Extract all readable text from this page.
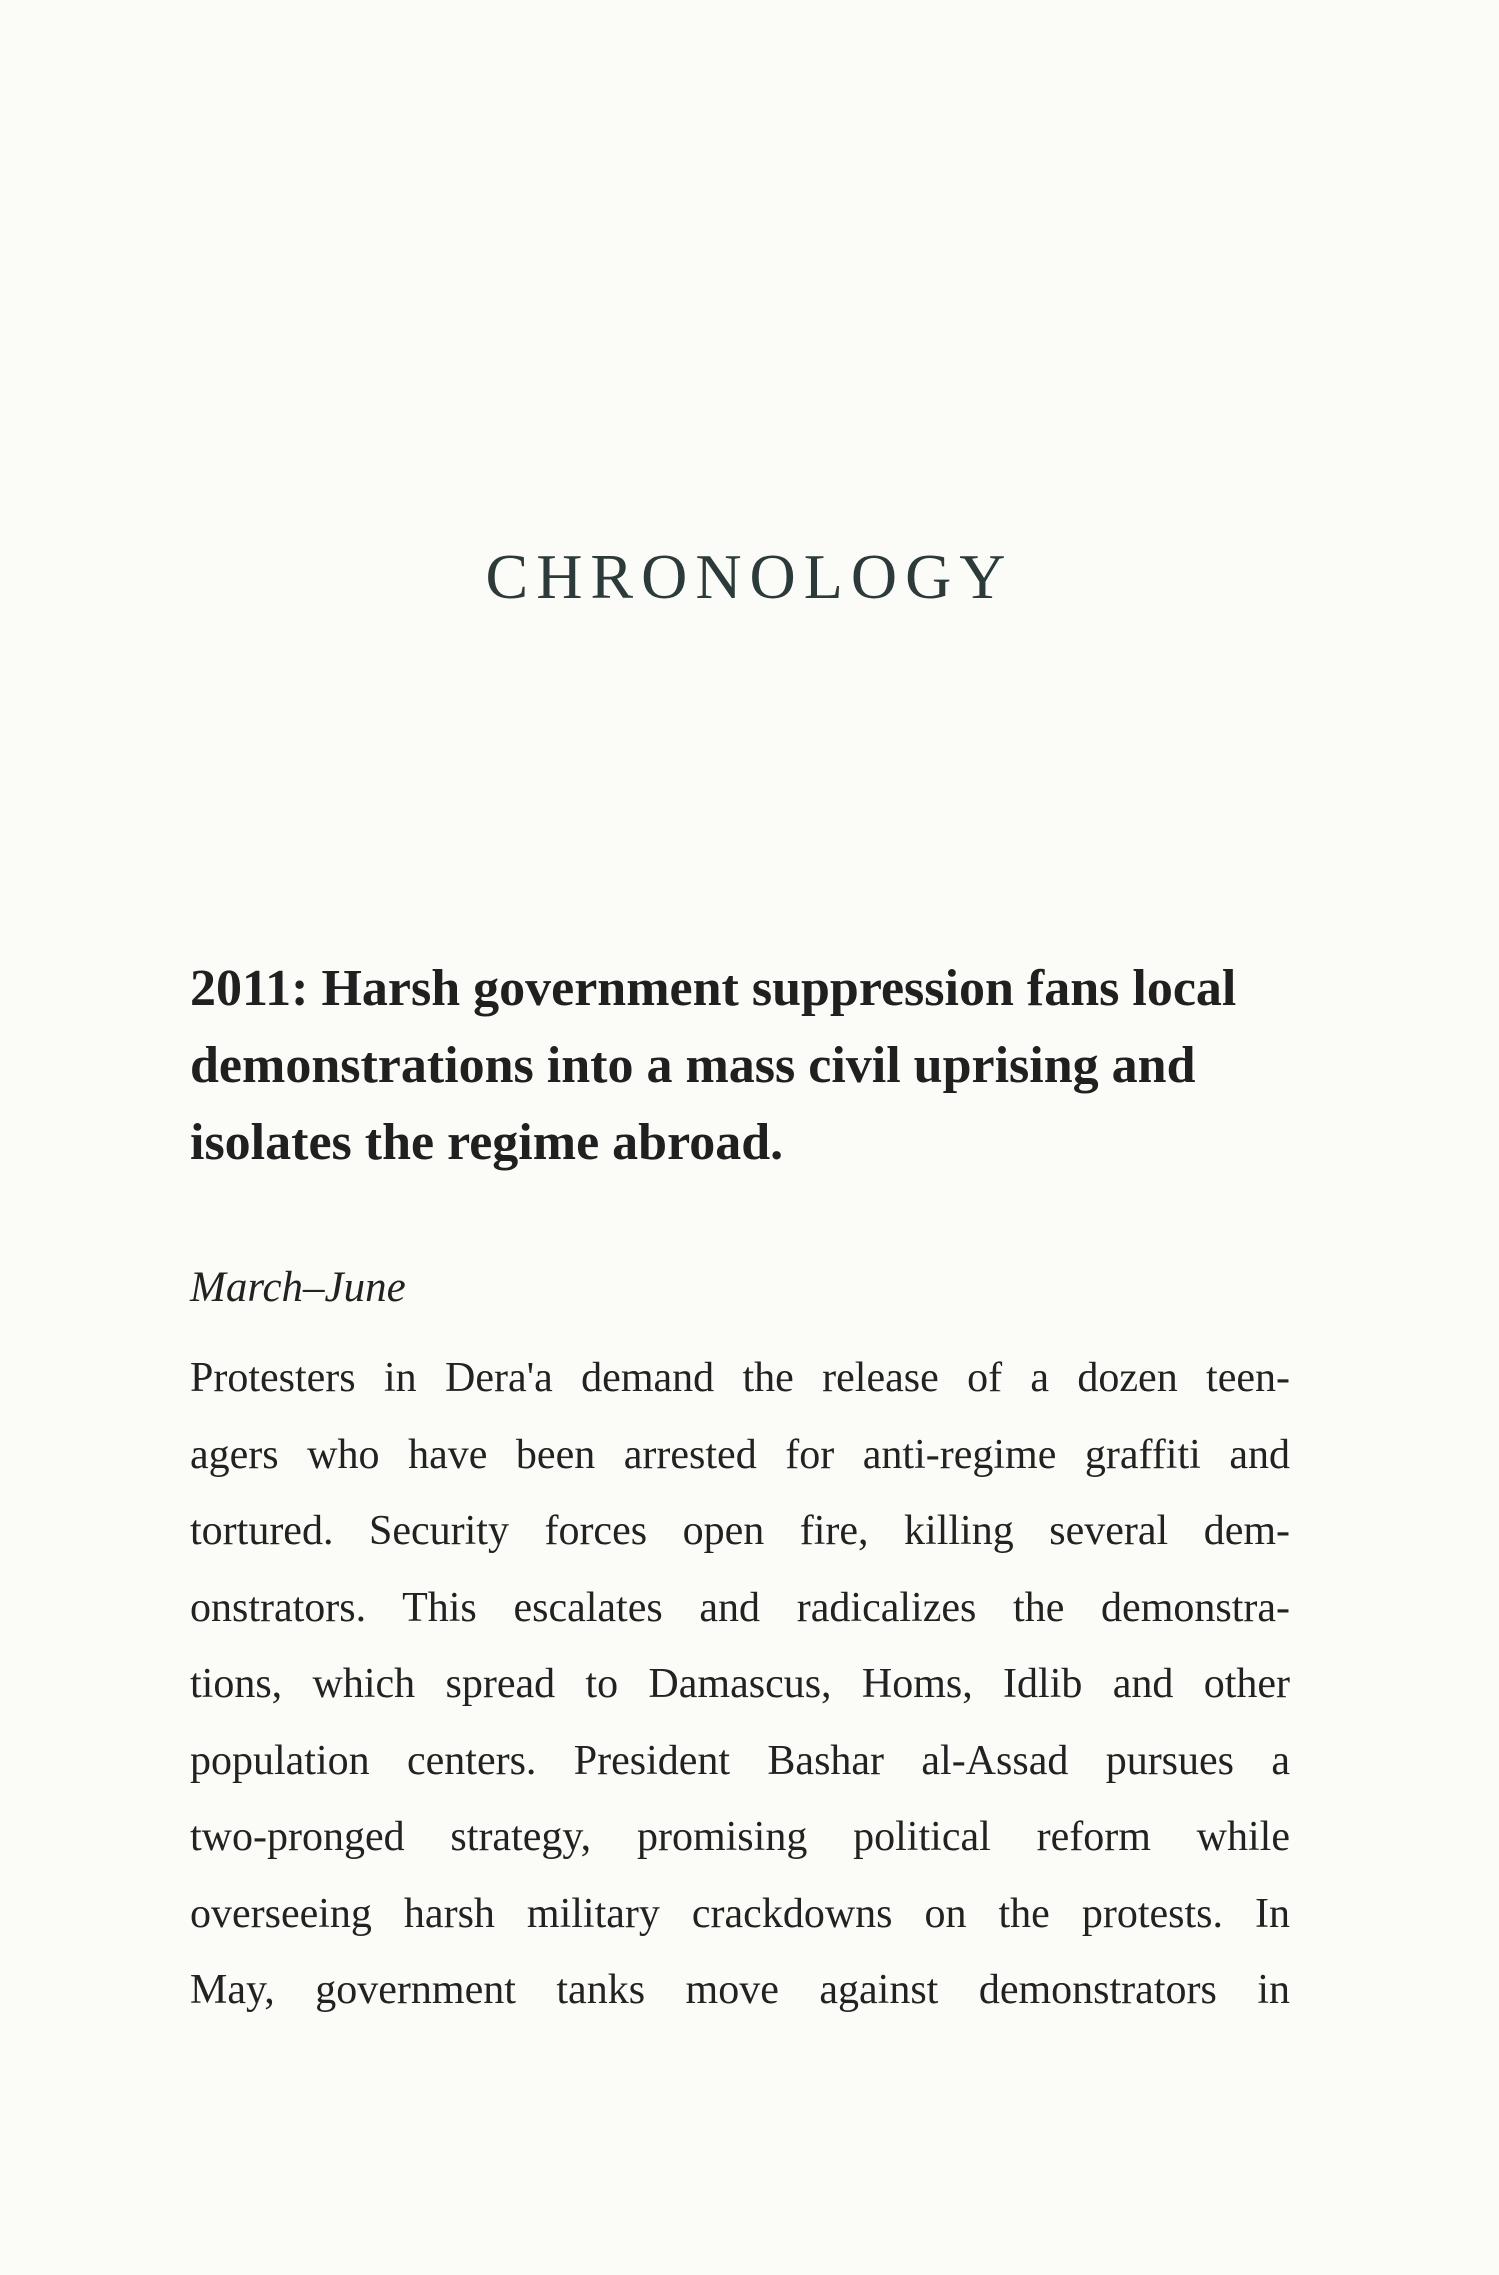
CHRONOLOGY
2011: Harsh government suppression fans local
demonstrations into a mass civil uprising and
isolates the regime abroad.

March–June

Protesters in Dera'a demand the release of a dozen teen-
agers who have been arrested for anti-regime graffiti and
tortured. Security forces open fire, killing several dem-
onstrators. This escalates and radicalizes the demonstra-
tions, which spread to Damascus, Homs, Idlib and other
population centers. President Bashar al-Assad pursues a
two-pronged strategy, promising political reform while
overseeing harsh military crackdowns on the protests. In
May, government tanks move against demonstrators in
